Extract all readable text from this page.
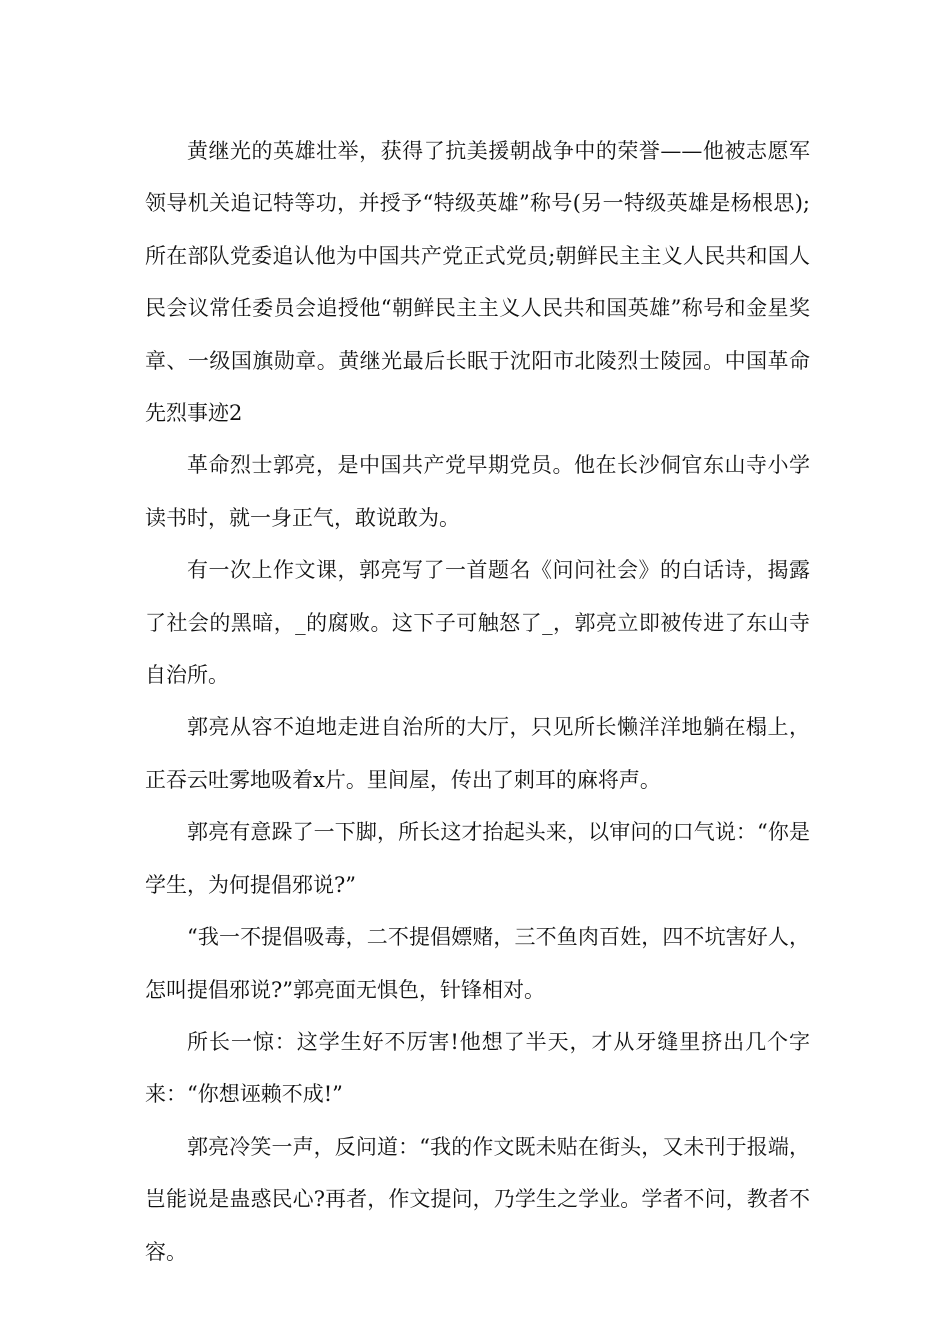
黄继光的英雄壮举，获得了抗美援朝战争中的荣誉——他被志愿军领导机关追记特等功，并授予“特级英雄”称号(另一特级英雄是杨根思);所在部队党委追认他为中国共产党正式党员;朝鲜民主主义人民共和国人民会议常任委员会追授他“朝鲜民主主义人民共和国英雄”称号和金星奖章、一级国旗勋章。黄继光最后长眠于沈阳市北陵烈士陵园。中国革命先烈事迹2

革命烈士郭亮，是中国共产党早期党员。他在长沙侗官东山寺小学读书时，就一身正气，敢说敢为。

有一次上作文课，郭亮写了一首题名《问问社会》的白话诗，揭露了社会的黑暗，_的腐败。这下子可触怒了_，郭亮立即被传进了东山寺自治所。

郭亮从容不迫地走进自治所的大厅，只见所长懒洋洋地躺在榻上，正吞云吐雾地吸着x片。里间屋，传出了刺耳的麻将声。

郭亮有意跺了一下脚，所长这才抬起头来，以审问的口气说：“你是学生，为何提倡邪说?”

“我一不提倡吸毒，二不提倡嫖赌，三不鱼肉百姓，四不坑害好人，怎叫提倡邪说?”郭亮面无惧色，针锋相对。

所长一惊：这学生好不厉害!他想了半天，才从牙缝里挤出几个字来：“你想诬赖不成!”

郭亮冷笑一声，反问道：“我的作文既未贴在街头，又未刊于报端，岂能说是蛊惑民心?再者，作文提问，乃学生之学业。学者不问，教者不容。
